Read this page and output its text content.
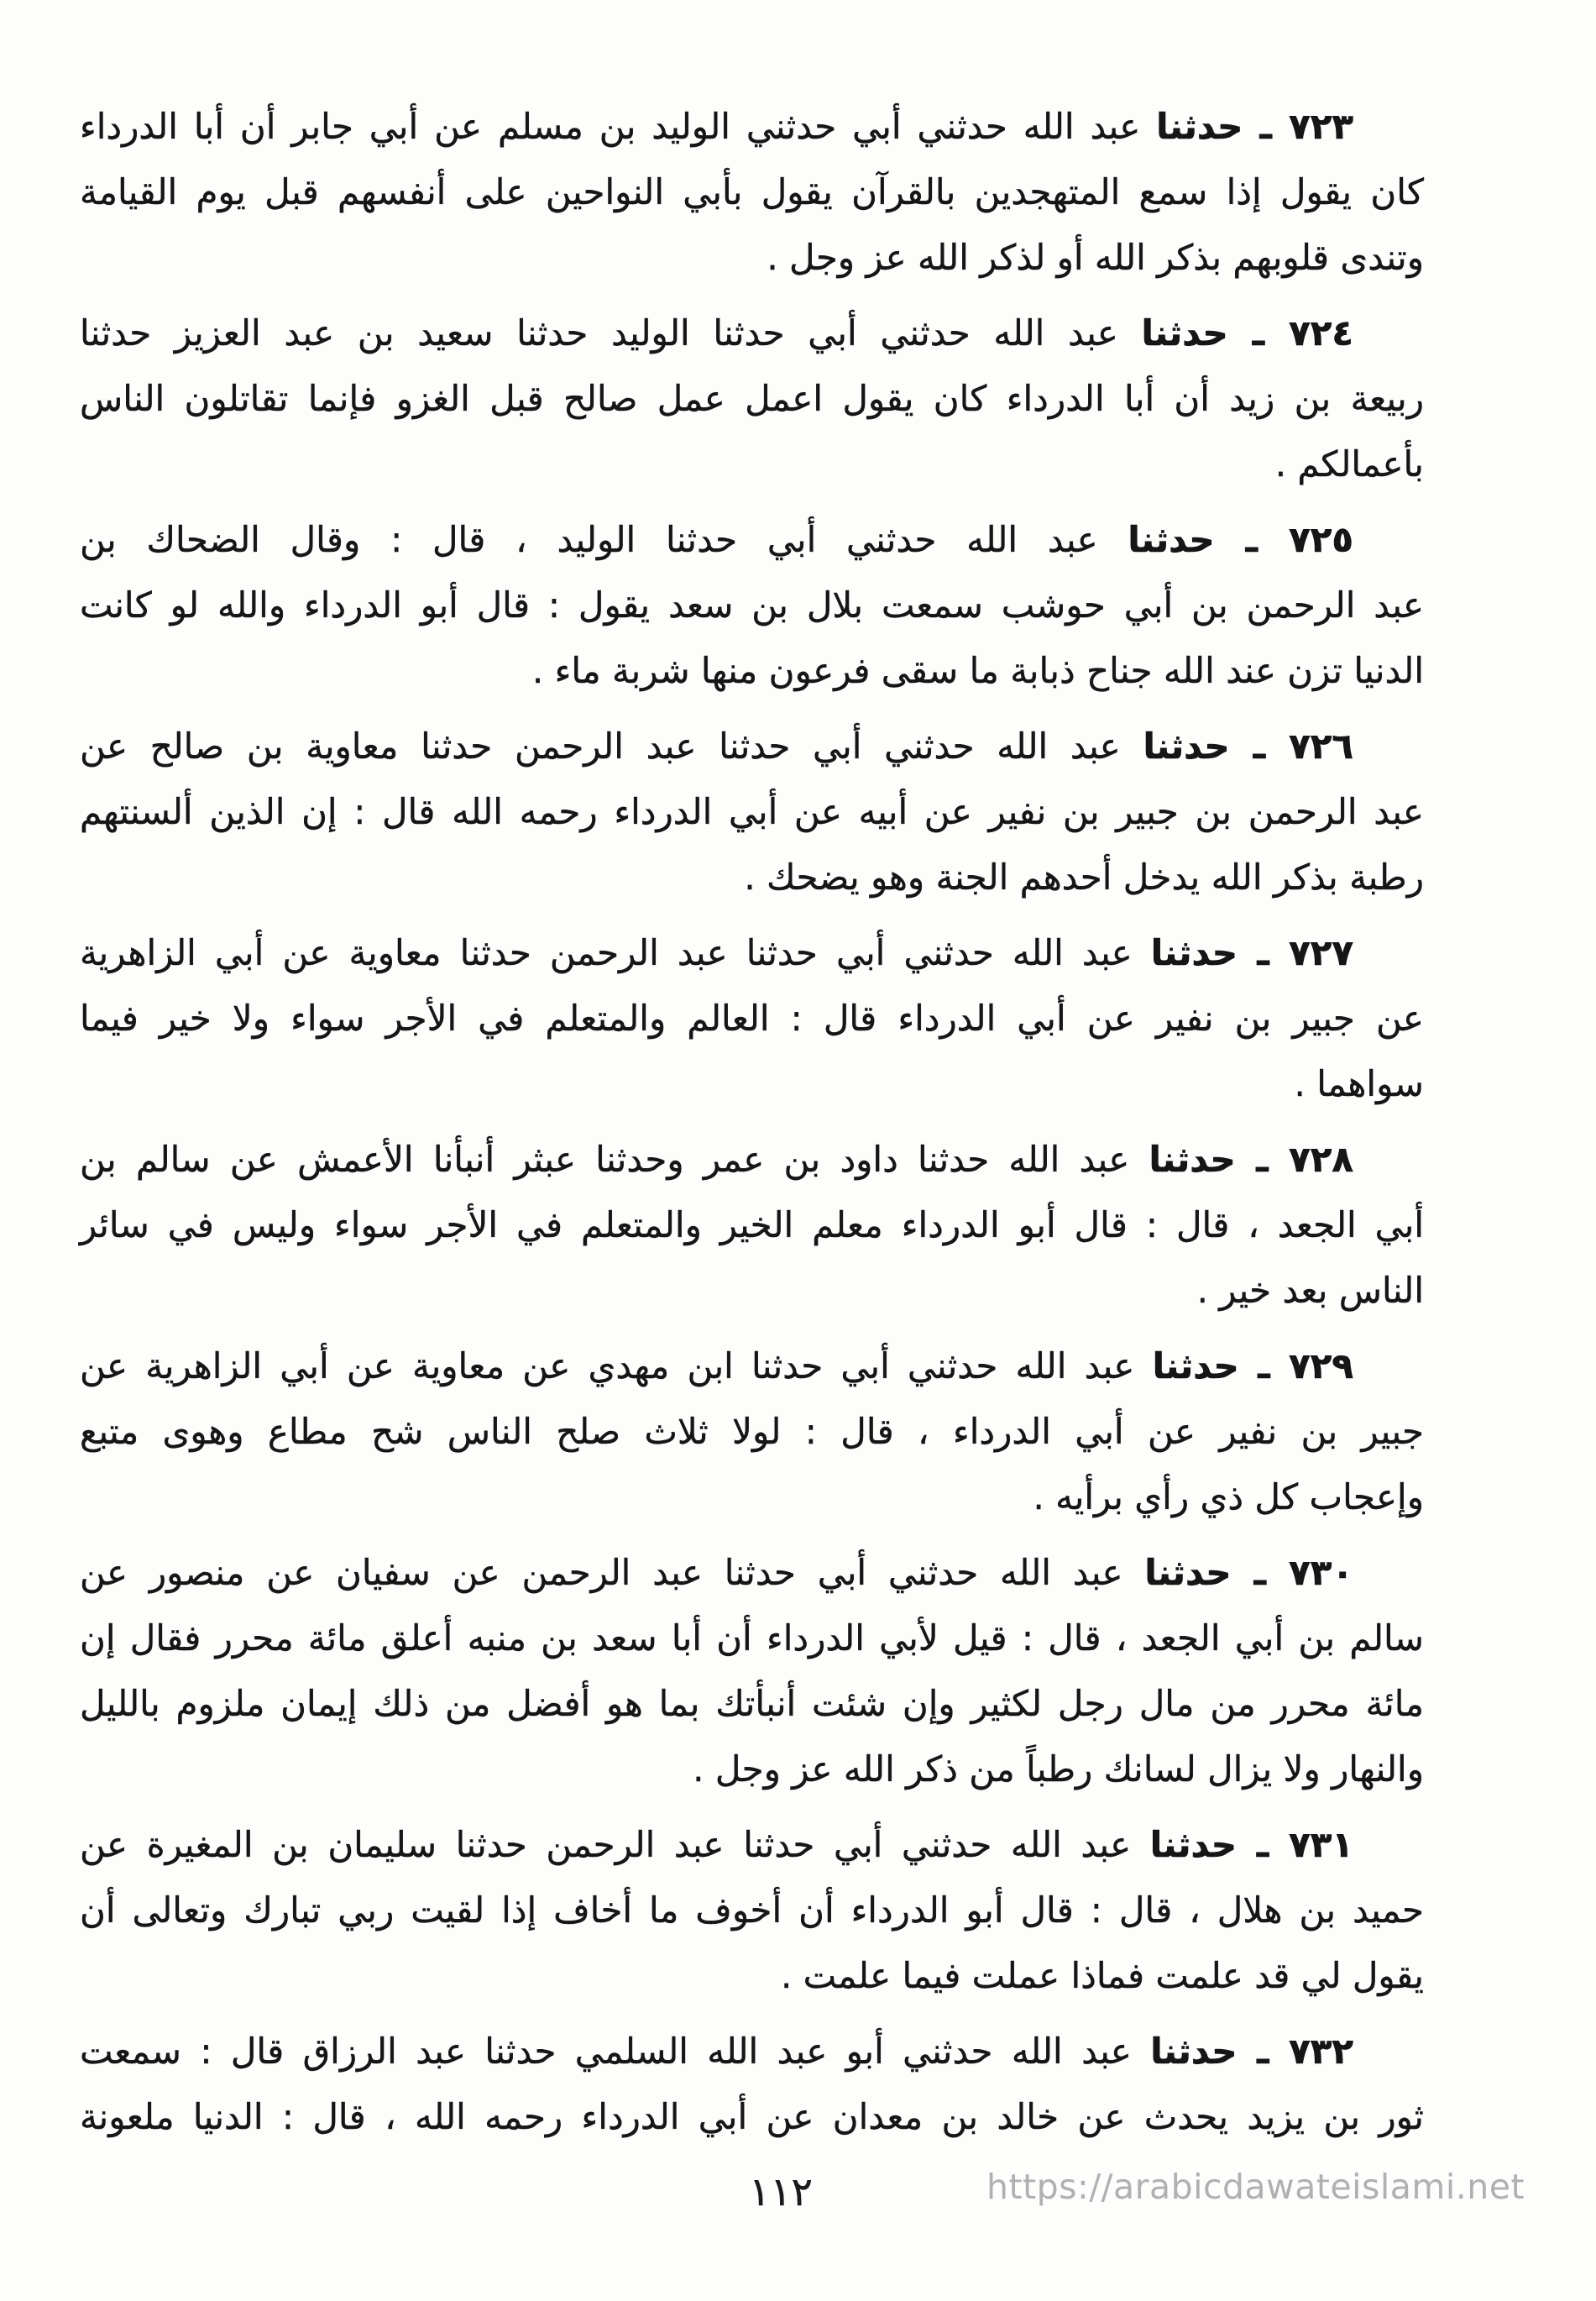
٧٢٣ ـ حدثنا عبد الله حدثني أبي حدثني الوليد بن مسلم عن أبي جابر أن أبا الدرداء
كان يقول إذا سمع المتهجدين بالقرآن يقول بأبي النواحين على أنفسهم قبل يوم القيامة
وتندى قلوبهم بذكر الله أو لذكر الله عز وجل .
٧٢٤ ـ حدثنا عبد الله حدثني أبي حدثنا الوليد حدثنا سعيد بن عبد العزيز حدثنا
ربيعة بن زيد أن أبا الدرداء كان يقول اعمل عمل صالح قبل الغزو فإنما تقاتلون الناس
بأعمالكم .
٧٢٥ ـ حدثنا عبد الله حدثني أبي حدثنا الوليد ، قال : وقال الضحاك بن
عبد الرحمن بن أبي حوشب سمعت بلال بن سعد يقول : قال أبو الدرداء والله لو كانت
الدنيا تزن عند الله جناح ذبابة ما سقى فرعون منها شربة ماء .
٧٢٦ ـ حدثنا عبد الله حدثني أبي حدثنا عبد الرحمن حدثنا معاوية بن صالح عن
عبد الرحمن بن جبير بن نفير عن أبيه عن أبي الدرداء رحمه الله قال : إن الذين ألسنتهم
رطبة بذكر الله يدخل أحدهم الجنة وهو يضحك .
٧٢٧ ـ حدثنا عبد الله حدثني أبي حدثنا عبد الرحمن حدثنا معاوية عن أبي الزاهرية
عن جبير بن نفير عن أبي الدرداء قال : العالم والمتعلم في الأجر سواء ولا خير فيما
سواهما .
٧٢٨ ـ حدثنا عبد الله حدثنا داود بن عمر وحدثنا عبثر أنبأنا الأعمش عن سالم بن
أبي الجعد ، قال : قال أبو الدرداء معلم الخير والمتعلم في الأجر سواء وليس في سائر
الناس بعد خير .
٧٢٩ ـ حدثنا عبد الله حدثني أبي حدثنا ابن مهدي عن معاوية عن أبي الزاهرية عن
جبير بن نفير عن أبي الدرداء ، قال : لولا ثلاث صلح الناس شح مطاع وهوى متبع
وإعجاب كل ذي رأي برأيه .
٧٣٠ ـ حدثنا عبد الله حدثني أبي حدثنا عبد الرحمن عن سفيان عن منصور عن
سالم بن أبي الجعد ، قال : قيل لأبي الدرداء أن أبا سعد بن منبه أعلق مائة محرر فقال إن
مائة محرر من مال رجل لكثير وإن شئت أنبأتك بما هو أفضل من ذلك إيمان ملزوم بالليل
والنهار ولا يزال لسانك رطباً من ذكر الله عز وجل .
٧٣١ ـ حدثنا عبد الله حدثني أبي حدثنا عبد الرحمن حدثنا سليمان بن المغيرة عن
حميد بن هلال ، قال : قال أبو الدرداء أن أخوف ما أخاف إذا لقيت ربي تبارك وتعالى أن
يقول لي قد علمت فماذا عملت فيما علمت .
٧٣٢ ـ حدثنا عبد الله حدثني أبو عبد الله السلمي حدثنا عبد الرزاق قال : سمعت
ثور بن يزيد يحدث عن خالد بن معدان عن أبي الدرداء رحمه الله ، قال : الدنيا ملعونة
١١٢	https://arabicdawateislami.net
